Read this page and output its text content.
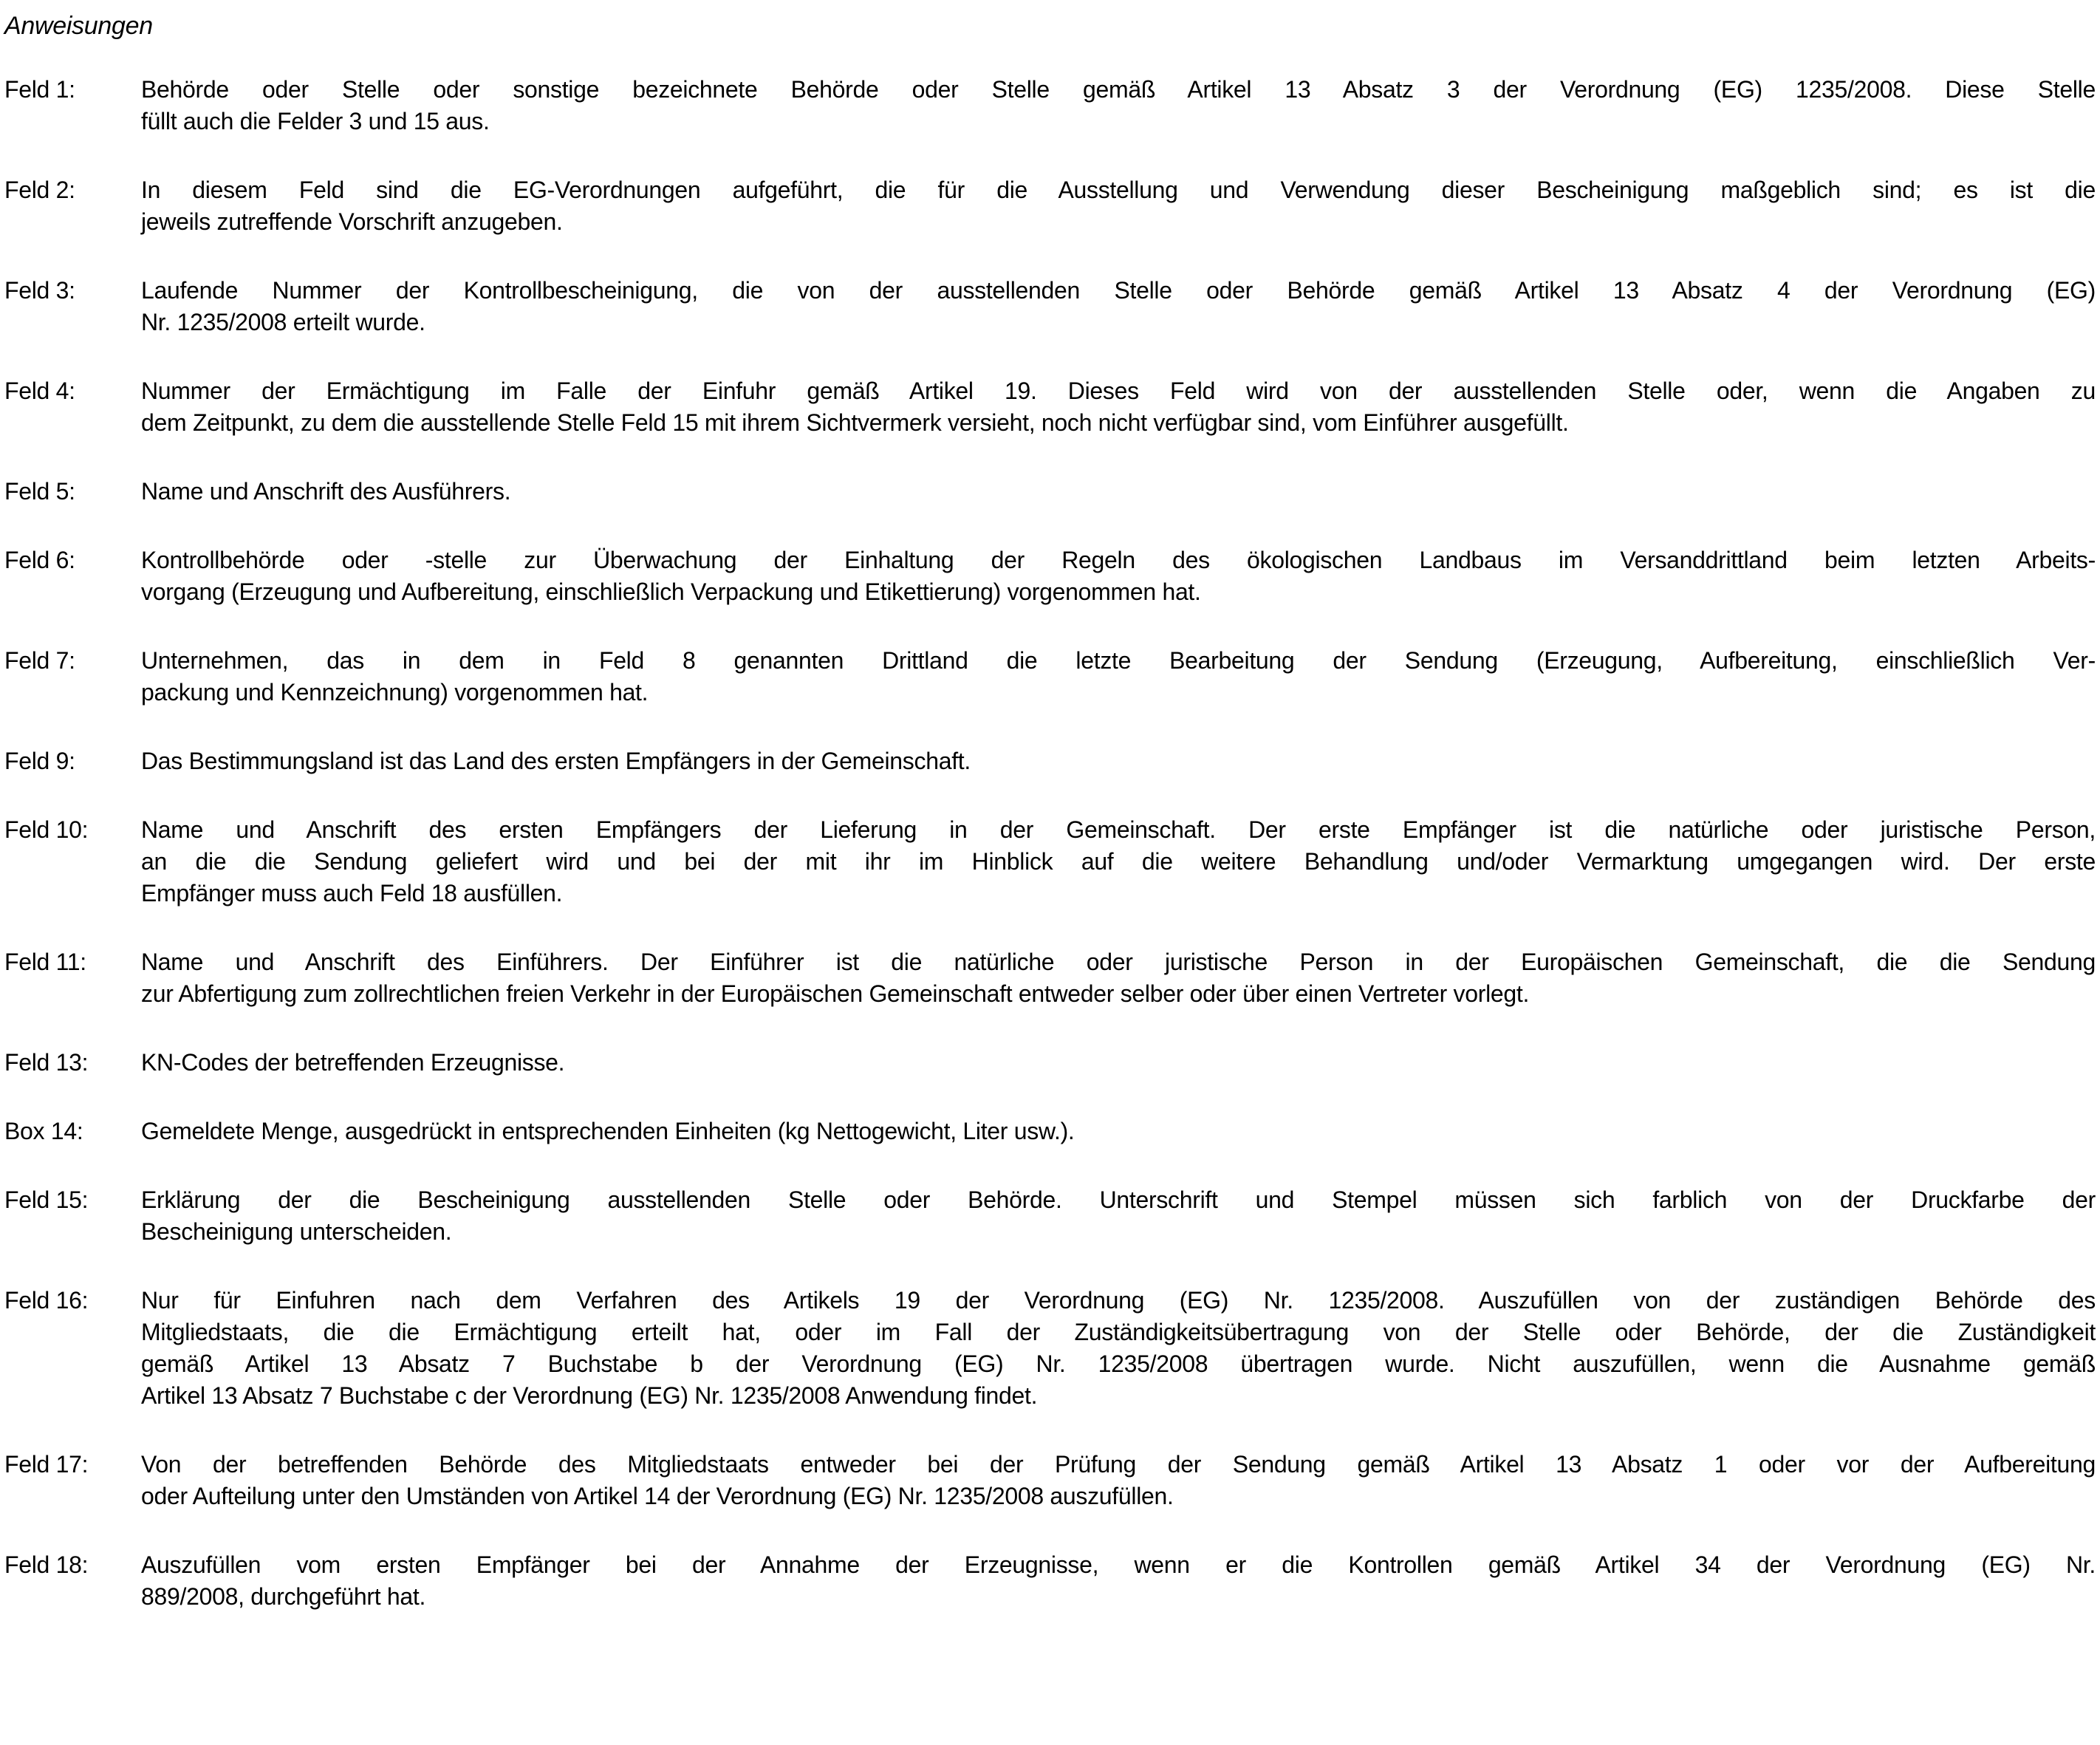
Anweisungen
Feld 1:	Behörde oder Stelle oder sonstige bezeichnete Behörde oder Stelle gemäß Artikel 13 Absatz 3 der Verordnung (EG) 1235/2008. Diese Stelle
füllt auch die Felder 3 und 15 aus.
Feld 2:	In diesem Feld sind die EG-Verordnungen aufgeführt, die für die Ausstellung und Verwendung dieser Bescheinigung maßgeblich sind; es ist die
jeweils zutreffende Vorschrift anzugeben.
Feld 3:	Laufende Nummer der Kontrollbescheinigung, die von der ausstellenden Stelle oder Behörde gemäß Artikel 13 Absatz 4 der Verordnung (EG)
Nr. 1235/2008 erteilt wurde.
Feld 4:	Nummer der Ermächtigung im Falle der Einfuhr gemäß Artikel 19. Dieses Feld wird von der ausstellenden Stelle oder, wenn die Angaben zu
dem Zeitpunkt, zu dem die ausstellende Stelle Feld 15 mit ihrem Sichtvermerk versieht, noch nicht verfügbar sind, vom Einführer ausgefüllt.
Feld 5:	Name und Anschrift des Ausführers.
Feld 6:	Kontrollbehörde oder -stelle zur Überwachung der Einhaltung der Regeln des ökologischen Landbaus im Versanddrittland beim letzten Arbeits-
vorgang (Erzeugung und Aufbereitung, einschließlich Verpackung und Etikettierung) vorgenommen hat.
Feld 7:	Unternehmen, das in dem in Feld 8 genannten Drittland die letzte Bearbeitung der Sendung (Erzeugung, Aufbereitung, einschließlich Ver-
packung und Kennzeichnung) vorgenommen hat.
Feld 9:	Das Bestimmungsland ist das Land des ersten Empfängers in der Gemeinschaft.
Feld 10:	Name und Anschrift des ersten Empfängers der Lieferung in der Gemeinschaft. Der erste Empfänger ist die natürliche oder juristische Person,
an die die Sendung geliefert wird und bei der mit ihr im Hinblick auf die weitere Behandlung und/oder Vermarktung umgegangen wird. Der erste
Empfänger muss auch Feld 18 ausfüllen.
Feld 11:	Name und Anschrift des Einführers. Der Einführer ist die natürliche oder juristische Person in der Europäischen Gemeinschaft, die die Sendung
zur Abfertigung zum zollrechtlichen freien Verkehr in der Europäischen Gemeinschaft entweder selber oder über einen Vertreter vorlegt.
Feld 13:	KN-Codes der betreffenden Erzeugnisse.
Box 14:	Gemeldete Menge, ausgedrückt in entsprechenden Einheiten (kg Nettogewicht, Liter usw.).
Feld 15:	Erklärung der die Bescheinigung ausstellenden Stelle oder Behörde. Unterschrift und Stempel müssen sich farblich von der Druckfarbe der
Bescheinigung unterscheiden.
Feld 16:	Nur für Einfuhren nach dem Verfahren des Artikels 19 der Verordnung (EG) Nr. 1235/2008. Auszufüllen von der zuständigen Behörde des
Mitgliedstaats, die die Ermächtigung erteilt hat, oder im Fall der Zuständigkeitsübertragung von der Stelle oder Behörde, der die Zuständigkeit
gemäß Artikel 13 Absatz 7 Buchstabe b der Verordnung (EG) Nr. 1235/2008 übertragen wurde. Nicht auszufüllen, wenn die Ausnahme gemäß
Artikel 13 Absatz 7 Buchstabe c der Verordnung (EG) Nr. 1235/2008 Anwendung findet.
Feld 17:	Von der betreffenden Behörde des Mitgliedstaats entweder bei der Prüfung der Sendung gemäß Artikel 13 Absatz 1 oder vor der Aufbereitung
oder Aufteilung unter den Umständen von Artikel 14 der Verordnung (EG) Nr. 1235/2008 auszufüllen.
Feld 18:	Auszufüllen vom ersten Empfänger bei der Annahme der Erzeugnisse, wenn er die Kontrollen gemäß Artikel 34 der Verordnung (EG) Nr.
889/2008, durchgeführt hat.
